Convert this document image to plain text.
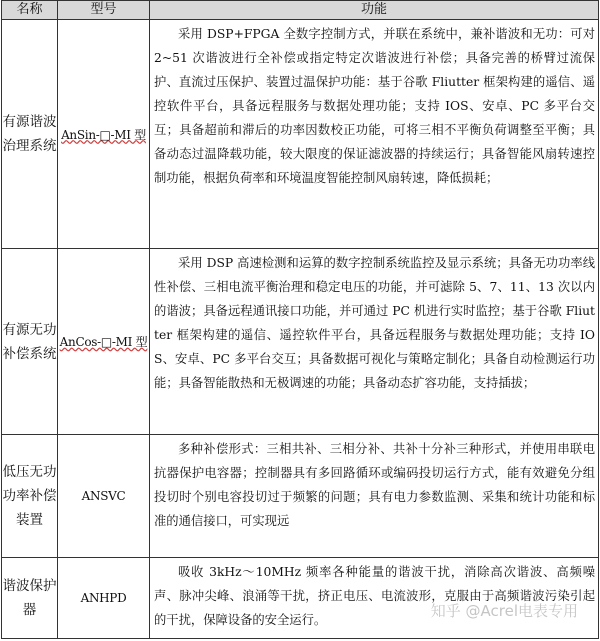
名称	型号	功能
有源谐波治理系统	AnSin-□-MI 型	采用 DSP+FPGA 全数字控制方式，并联在系统中，兼补谐波和无功：可对 2~51 次谐波进行全补偿或指定特定次谐波进行补偿；具备完善的桥臂过流保护、直流过压保护、装置过温保护功能：基于谷歌 Fliutter 框架构建的遥信、遥控软件平台，具备远程服务与数据处理功能；支持 IOS、安卓、PC 多平台交互；具备超前和滞后的功率因数校正功能，可将三相不平衡负荷调整至平衡；具备动态过温降载功能，较大限度的保证滤波器的持续运行；具备智能风扇转速控制功能，根据负荷率和环境温度智能控制风扇转速，降低损耗；

有源无功补偿系统	AnCos-□-MI 型	采用 DSP 高速检测和运算的数字控制系统监控及显示系统；具备无功功率线性补偿、三相电流平衡治理和稳定电压的功能，并可滤除 5、7、11、13 次以内的谐波；具备远程通讯接口功能，并可通过 PC 机进行实时监控；基于谷歌 Fliutter 框架构建的遥信、遥控软件平台，具备远程服务与数据处理功能；支持 IOS、安卓、PC 多平台交互；具备数据可视化与策略定制化；具备自动检测运行功能；具备智能散热和无极调速的功能；具备动态扩容功能，支持插拔；

低压无功功率补偿装置	ANSVC	多种补偿形式：三相共补、三相分补、共补十分补三种形式，并使用串联电抗器保护电容器；控制器具有多回路循环或编码投切运行方式，能有效避免分组投切时个别电容投切过于频繁的问题；具有电力参数监测、采集和统计功能和标准的通信接口，可实现远

谐波保护器	ANHPD	吸收 3kHz～10MHz 频率各种能量的谐波干扰，消除高次谐波、高频噪声、脉冲尖峰、浪涌等干扰，挤正电压、电流波形，克服由于高频谐波污染引起的干扰，保障设备的安全运行。	知乎 @Acrel电表专用
